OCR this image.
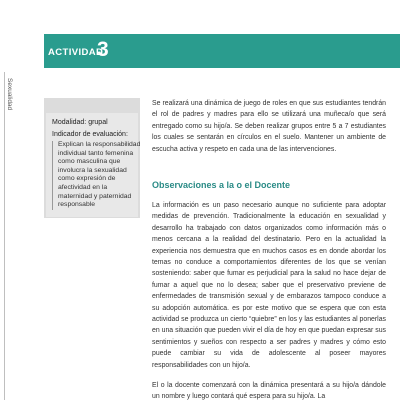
ACTIVIDAD
3
Sexualidad
Modalidad: grupal
Indicador de evaluación:
Explican la responsabilidad individual tanto femenina como masculina que involucra la sexualidad como expresión de afectividad en la maternidad y paternidad responsable

Se realizará una dinámica de juego de roles en que sus estudiantes tendrán el rol de padres y madres para ello se utilizará una muñeca/o que será entregado como su hijo/a. Se deben realizar grupos entre 5 a 7 estudiantes los cuales se sentarán en círculos en el suelo. Mantener un ambiente de escucha activa y respeto en cada una de las intervenciones.

Observaciones a la o el Docente

La información es un paso necesario aunque no suficiente para adoptar medidas de prevención. Tradicionalmente la educación en sexualidad y desarrollo ha trabajado con datos organizados como información más o menos cercana a la realidad del destinatario. Pero en la actualidad la experiencia nos demuestra que en muchos casos es en donde abordar los temas no conduce a comportamientos diferentes de los que se venían sosteniendo: saber que fumar es perjudicial para la salud no hace dejar de fumar a aquel que no lo desea; saber que el preservativo previene de enfermedades de transmisión sexual y de embarazos tampoco conduce a su adopción automática. es por este motivo que se espera que con esta actividad se produzca un cierto “quiebre” en los y las estudiantes al ponerlas en una situación que pueden vivir el día de hoy en que puedan expresar sus sentimientos y sueños con respecto a ser padres y madres y cómo esto puede cambiar su vida de adolescente al poseer mayores responsabilidades con un hijo/a.

El o la docente comenzará con la dinámica presentará a su hijo/a dándole un nombre y luego contará qué espera para su hijo/a. La
